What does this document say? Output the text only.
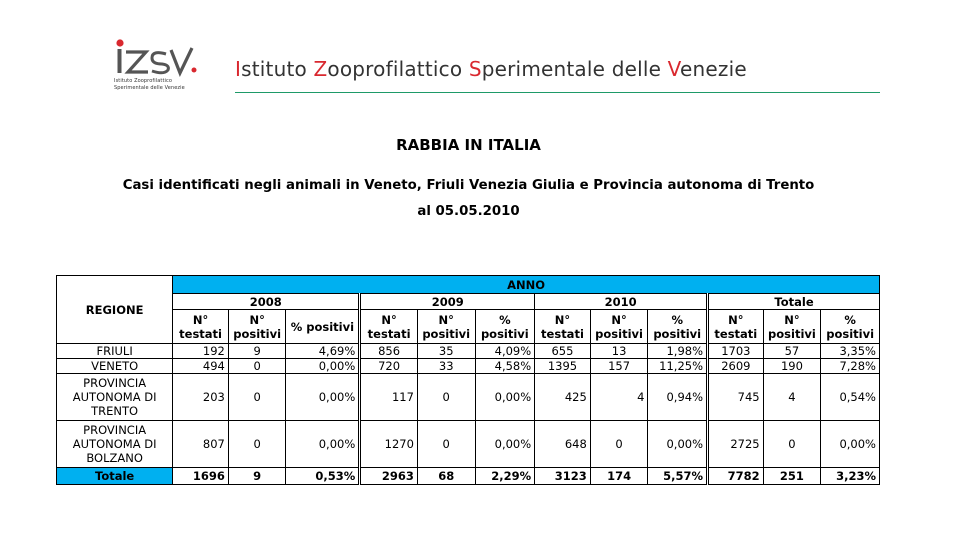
Istituto Zooprofilattico
Sperimentale delle Venezie
Istituto Zooprofilattico Sperimentale delle Venezie
RABBIA IN ITALIA
Casi identificati negli animali in Veneto, Friuli Venezia Giulia e Provincia autonoma di Trento
al 05.05.2010
REGIONE	ANNO											
	2008			2009			2010			Totale		
	N° testati	N° positivi	% positivi	N° testati	N° positivi	% positivi	N° testati	N° positivi	% positivi	N° testati	N° positivi	% positivi
FRIULI	192	9	4,69%	856	35	4,09%	655	13	1,98%	1703	57	3,35%
VENETO	494	0	0,00%	720	33	4,58%	1395	157	11,25%	2609	190	7,28%
PROVINCIA AUTONOMA DI TRENTO	203	0	0,00%	117	0	0,00%	425	4	0,94%	745	4	0,54%
PROVINCIA AUTONOMA DI BOLZANO	807	0	0,00%	1270	0	0,00%	648	0	0,00%	2725	0	0,00%
Totale	1696	9	0,53%	2963	68	2,29%	3123	174	5,57%	7782	251	3,23%
